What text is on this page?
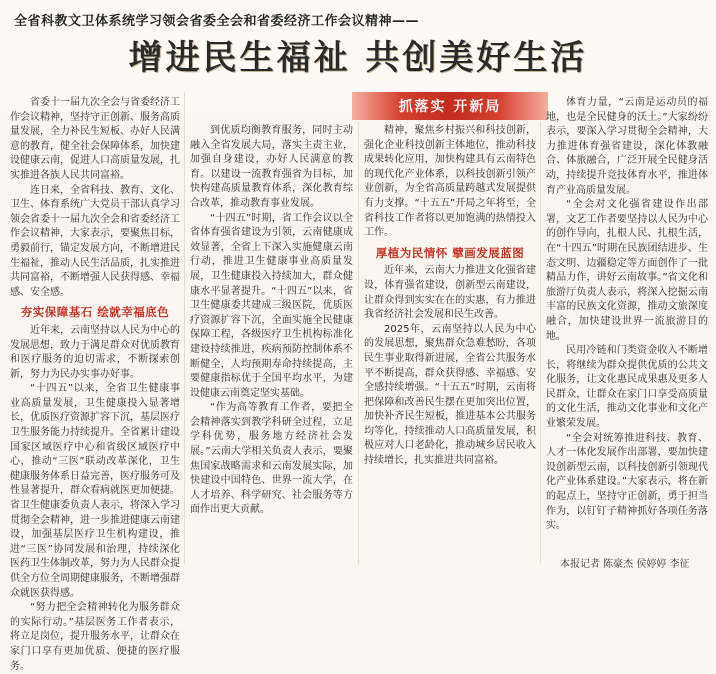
全省科教文卫体系统学习领会省委全会和省委经济工作会议精神——
增进民生福祉 共创美好生活
抓落实 开新局

省委十一届九次全会与省委经济工作会议精神，坚持守正创新、服务高质量发展，全力补民生短板、办好人民满意的教育，健全社会保障体系，加快建设健康云南，促进人口高质量发展，扎实推进各族人民共同富裕。

连日来，全省科技、教育、文化、卫生、体育系统广大党员干部认真学习领会省委十一届九次全会和省委经济工作会议精神，大家表示，要聚焦目标，勇毅前行，锚定发展方向，不断增进民生福祉，推动人民生活品质，扎实推进共同富裕，不断增强人民获得感、幸福感、安全感。

夯实保障基石 绘就幸福底色

近年来，云南坚持以人民为中心的发展思想，致力于满足群众对优质教育和医疗服务的迫切需求，不断探索创新，努力为民办实事办好事。

“十四五”以来，全省卫生健康事业高质量发展，卫生健康投入显著增长，优质医疗资源扩容下沉，基层医疗卫生服务能力持续提升。全省累计建设国家区域医疗中心和省级区域医疗中心，推动“三医”联动改革深化，卫生健康服务体系日益完善，医疗服务可及性显著提升，群众看病就医更加便捷。省卫生健康委负责人表示，将深入学习贯彻全会精神，进一步推进健康云南建设，加强基层医疗卫生机构建设，推进“三医”协同发展和治理，持续深化医药卫生体制改革，努力为人民群众提供全方位全周期健康服务，不断增强群众就医获得感。

“努力把全会精神转化为服务群众的实际行动。”基层医务工作者表示，将立足岗位，提升服务水平，让群众在家门口享有更加优质、便捷的医疗服务。

到优质均衡教育服务，同时主动融入全省发展大局，落实主责主业，加强自身建设，办好人民满意的教育。以建设一流教育强省为目标，加快构建高质量教育体系，深化教育综合改革，推动教育事业发展。

“十四五”时期，省工作会议以全省体育强省建设为引领，云南健康成效显著，全省上下深入实施健康云南行动，推进卫生健康事业高质量发展，卫生健康投入持续加大，群众健康水平显著提升。“十四五”以来，省卫生健康委共建成三级医院，优质医疗资源扩容下沉，全面实施全民健康保障工程，各级医疗卫生机构标准化建设持续推进，疾病预防控制体系不断健全，人均预期寿命持续提高，主要健康指标优于全国平均水平，为建设健康云南奠定坚实基础。

“作为高等教育工作者，要把全会精神落实到教学科研全过程，立足学科优势，服务地方经济社会发展。”云南大学相关负责人表示，要聚焦国家战略需求和云南发展实际，加快建设中国特色、世界一流大学，在人才培养、科学研究、社会服务等方面作出更大贡献。

精神，聚焦乡村振兴和科技创新，强化企业科技创新主体地位，推动科技成果转化应用，加快构建具有云南特色的现代化产业体系，以科技创新引领产业创新，为全省高质量跨越式发展提供有力支撑。“十五五”开局之年将至，全省科技工作者将以更加饱满的热情投入工作。

厚植为民情怀 擘画发展蓝图

近年来，云南大力推进文化强省建设，体育强省建设，创新型云南建设，让群众得到实实在在的实惠，有力推进我省经济社会发展和民生改善。

2025年，云南坚持以人民为中心的发展思想，聚焦群众急难愁盼，各项民生事业取得新进展，全省公共服务水平不断提高，群众获得感、幸福感、安全感持续增强。“十五五”时期，云南将把保障和改善民生摆在更加突出位置，加快补齐民生短板，推进基本公共服务均等化，持续推动人口高质量发展，积极应对人口老龄化，推动城乡居民收入持续增长，扎实推进共同富裕。

体育力量，“云南是运动员的福地，也是全民健身的沃土。”大家纷纷表示，要深入学习贯彻全会精神，大力推进体育强省建设，深化体教融合、体旅融合，广泛开展全民健身活动，持续提升竞技体育水平，推进体育产业高质量发展。

“全会对文化强省建设作出部署，文艺工作者要坚持以人民为中心的创作导向，扎根人民、扎根生活，在“十四五”时期在民族团结进步、生态文明、边疆稳定等方面创作了一批精品力作，讲好云南故事。”省文化和旅游厅负责人表示，将深入挖掘云南丰富的民族文化资源，推动文旅深度融合，加快建设世界一流旅游目的地。

民用冷链和门类资金收入不断增长，将继续为群众提供优质的公共文化服务，让文化惠民成果惠及更多人民群众，让群众在家门口享受高质量的文化生活，推动文化事业和文化产业繁荣发展。

“全会对统筹推进科技、教育、人才一体化发展作出部署，要加快建设创新型云南，以科技创新引领现代化产业体系建设。”大家表示，将在新的起点上，坚持守正创新，勇于担当作为，以钉钉子精神抓好各项任务落实。

本报记者 陈豪杰 侯婷婷 李征
